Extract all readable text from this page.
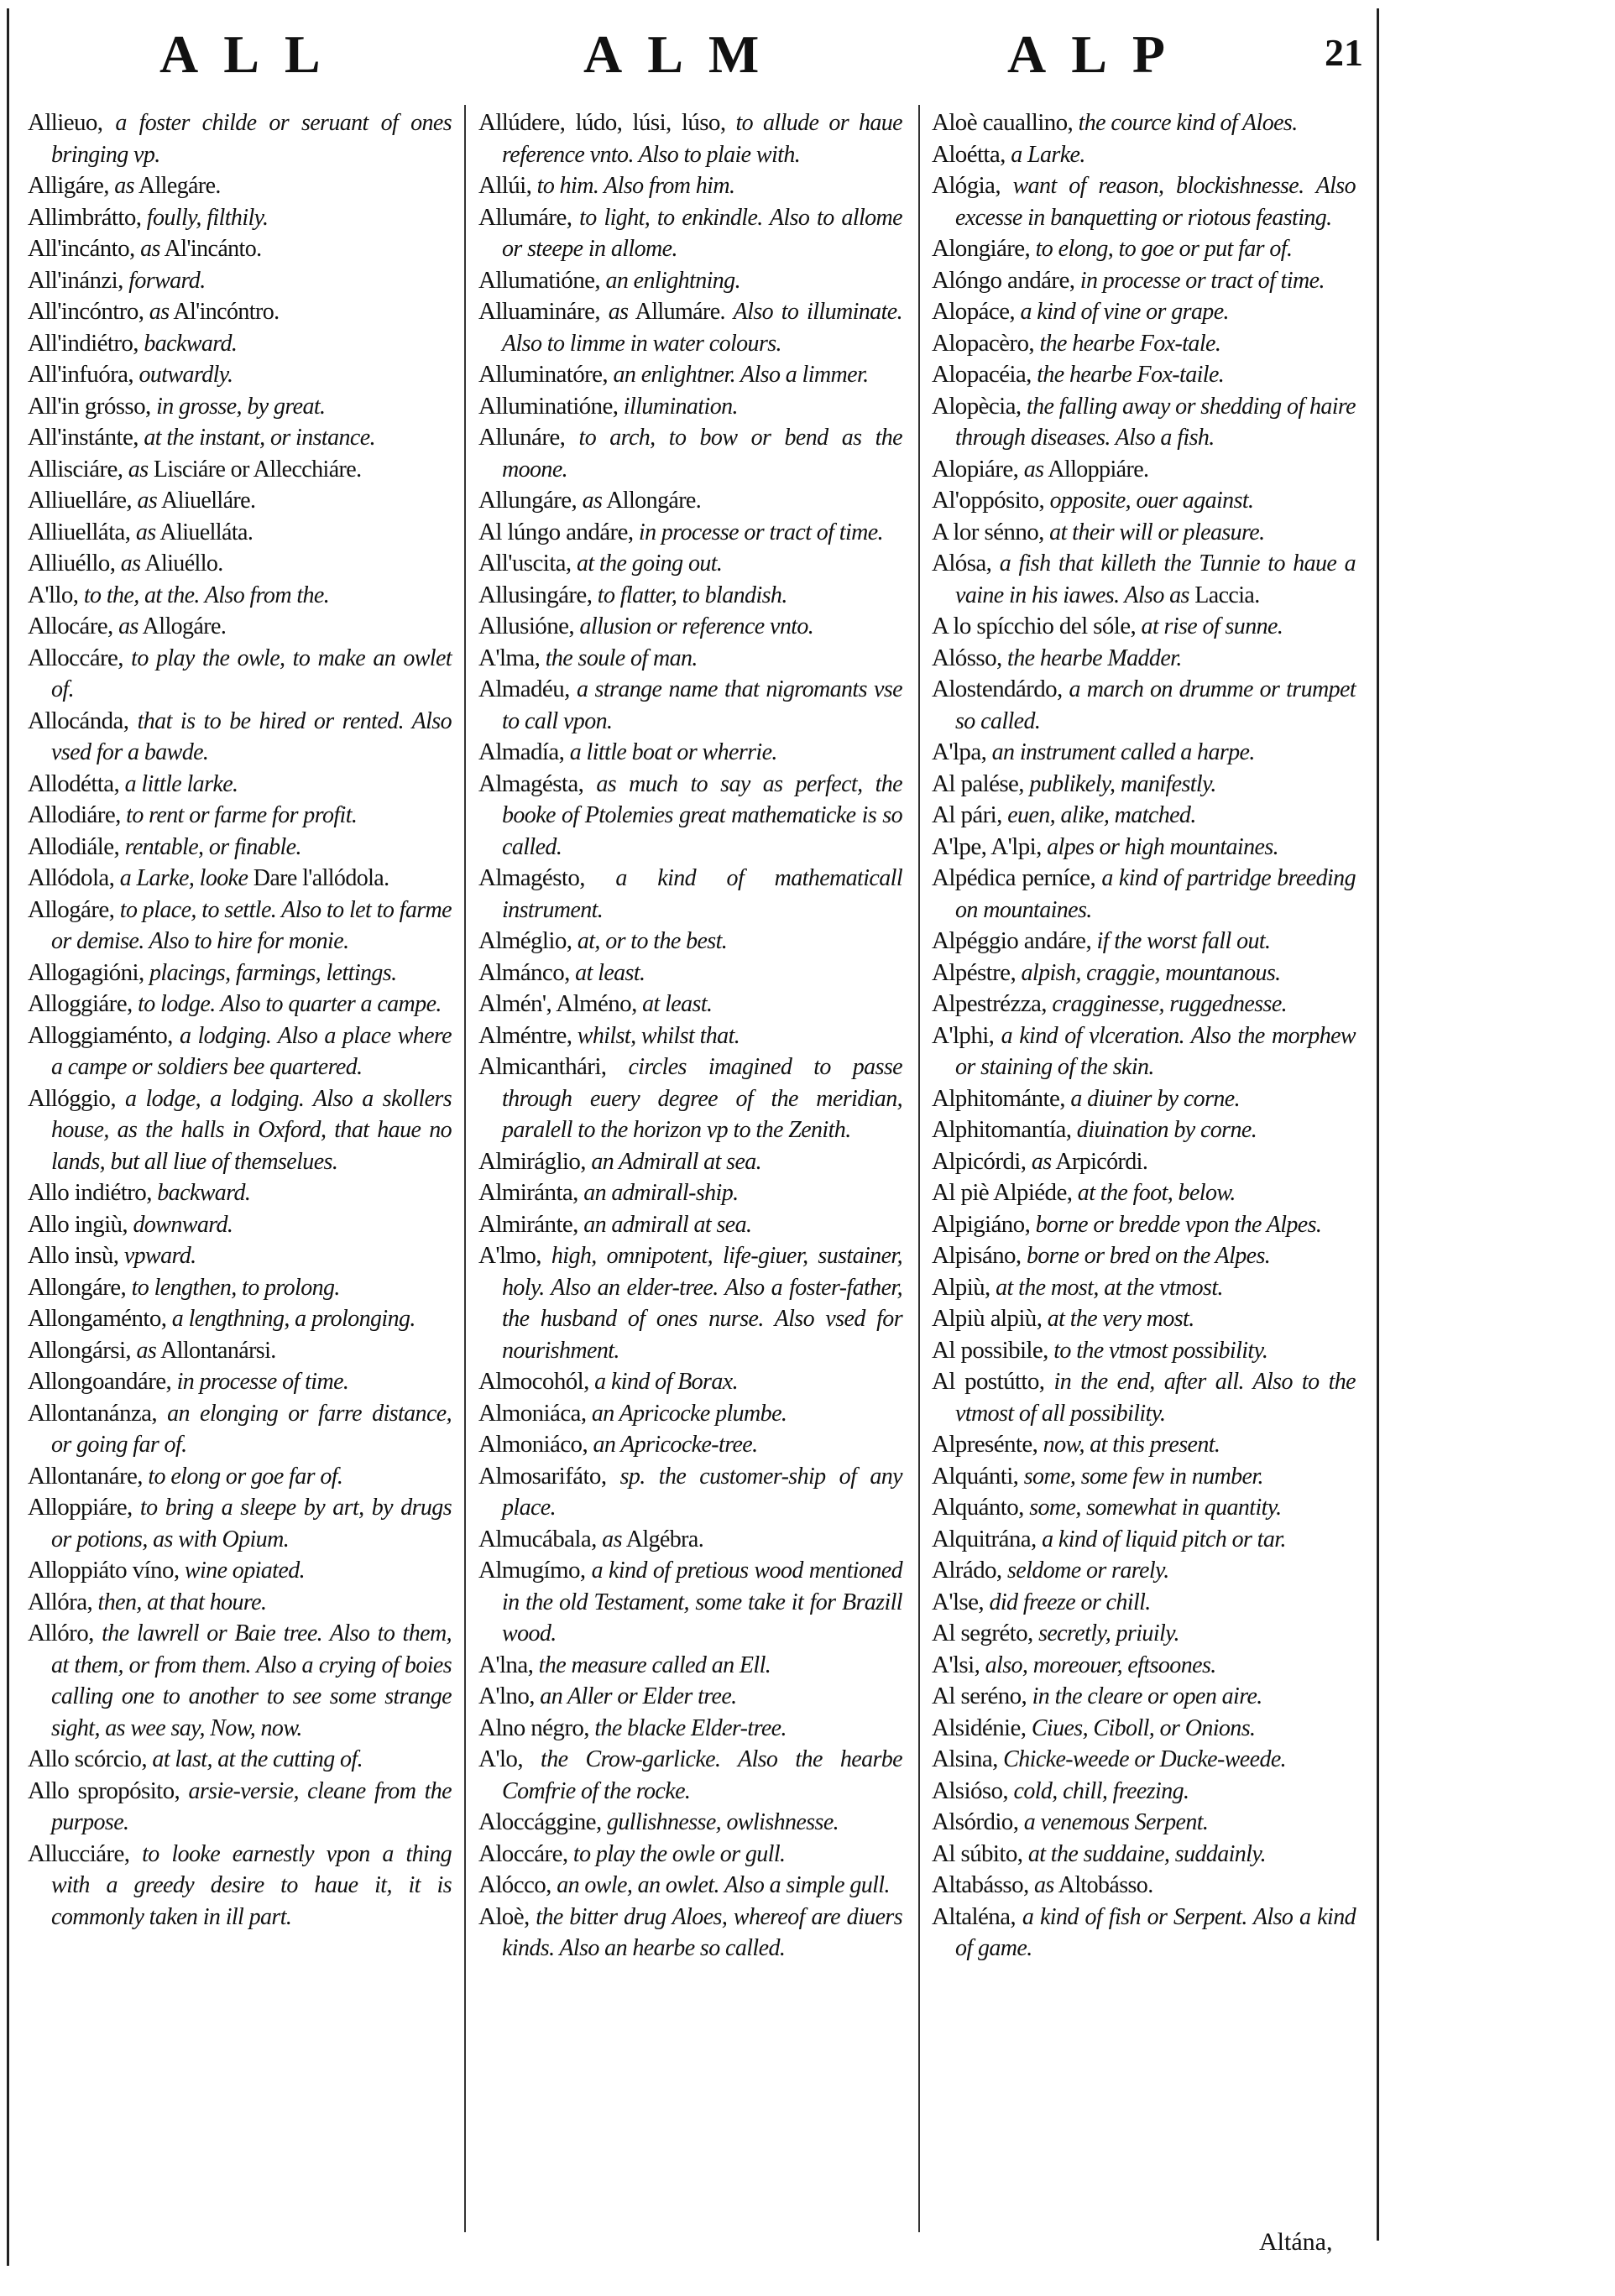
ALL	ALM	ALP	21
Allieuo, a foster childe or seruant of ones bringing vp.
Alligáre, as Allegáre.
Allimbrátto, foully, filthily.
All'incánto, as Al'incánto.
All'inánzi, forward.
All'incóntro, as Al'incóntro.
All'indiétro, backward.
All'infuóra, outwardly.
All'in grósso, in grosse, by great.
All'instánte, at the instant, or instance.
Allisciáre, as Lisciáre or Allecchiáre.
Alliuelláre, as Aliuelláre.
Alliuelláta, as Aliuelláta.
Alliuéllo, as Aliuéllo.
A'llo, to the, at the. Also from the.
Allocáre, as Allogáre.
Alloccáre, to play the owle, to make an owlet of.
Allocánda, that is to be hired or rented. Also vsed for a bawde.
Allodétta, a little larke.
Allodiáre, to rent or farme for profit.
Allodiále, rentable, or finable.
Allódola, a Larke, looke Dare l'allódola.
Allogáre, to place, to settle. Also to let to farme or demise. Also to hire for monie.
Allogagióni, placings, farmings, lettings.
Alloggiáre, to lodge. Also to quarter a campe.
Alloggiaménto, a lodging. Also a place where a campe or soldiers bee quartered.
Allóggio, a lodge, a lodging. Also a skollers house, as the halls in Oxford, that haue no lands, but all liue of themselues.
Allo indiétro, backward.
Allo ingiù, downward.
Allo insù, vpward.
Allongáre, to lengthen, to prolong.
Allongaménto, a lengthning, a prolonging.
Allongársi, as Allontanársi.
Allongoandáre, in processe of time.
Allontanánza, an elonging or farre distance, or going far of.
Allontanáre, to elong or goe far of.
Alloppiáre, to bring a sleepe by art, by drugs or potions, as with Opium.
Alloppiáto víno, wine opiated.
Allóra, then, at that houre.
Allóro, the lawrell or Baie tree. Also to them, at them, or from them. Also a crying of boies calling one to another to see some strange sight, as wee say, Now, now.
Allo scórcio, at last, at the cutting of.
Allo spropósito, arsie-versie, cleane from the purpose.
Allucciáre, to looke earnestly vpon a thing with a greedy desire to haue it, it is commonly taken in ill part.
Allúdere, lúdo, lúsi, lúso, to allude or haue reference vnto. Also to plaie with.
Allúi, to him. Also from him.
Allumáre, to light, to enkindle. Also to allome or steepe in allome.
Allumatióne, an enlightning.
Alluamináre, as Allumáre. Also to illuminate. Also to limme in water colours.
Alluminatóre, an enlightner. Also a limmer.
Alluminatióne, illumination.
Allunáre, to arch, to bow or bend as the moone.
Allungáre, as Allongáre.
Al lúngo andáre, in processe or tract of time.
All'uscita, at the going out.
Allusingáre, to flatter, to blandish.
Allusióne, allusion or reference vnto.
A'lma, the soule of man.
Almadéu, a strange name that nigromants vse to call vpon.
Almadía, a little boat or wherrie.
Almagésta, as much to say as perfect, the booke of Ptolemies great mathematicke is so called.
Almagésto, a kind of mathematicall instrument.
Alméglio, at, or to the best.
Almánco, at least.
Almén', Alméno, at least.
Alméntre, whilst, whilst that.
Almicanthári, circles imagined to passe through euery degree of the meridian, paralell to the horizon vp to the Zenith.
Almiráglio, an Admirall at sea.
Almiránta, an admirall-ship.
Almiránte, an admirall at sea.
A'lmo, high, omnipotent, life-giuer, sustainer, holy. Also an elder-tree. Also a foster-father, the husband of ones nurse. Also vsed for nourishment.
Almocohól, a kind of Borax.
Almoniáca, an Apricocke plumbe.
Almoniáco, an Apricocke-tree.
Almosarifáto, sp. the customer-ship of any place.
Almucábala, as Algébra.
Almugímo, a kind of pretious wood mentioned in the old Testament, some take it for Brazill wood.
A'lna, the measure called an Ell.
A'lno, an Aller or Elder tree.
Alno négro, the blacke Elder-tree.
A'lo, the Crow-garlicke. Also the hearbe Comfrie of the rocke.
Aloccággine, gullishnesse, owlishnesse.
Aloccáre, to play the owle or gull.
Alócco, an owle, an owlet. Also a simple gull.
Aloè, the bitter drug Aloes, whereof are diuers kinds. Also an hearbe so called.
Aloè cauallino, the cource kind of Aloes.
Aloétta, a Larke.
Alógia, want of reason, blockishnesse. Also excesse in banquetting or riotous feasting.
Alongiáre, to elong, to goe or put far of.
Alóngo andáre, in processe or tract of time.
Alopáce, a kind of vine or grape.
Alopacèro, the hearbe Fox-tale.
Alopacéia, the hearbe Fox-taile.
Alopècia, the falling away or shedding of haire through diseases. Also a fish.
Alopiáre, as Alloppiáre.
Al'oppósito, opposite, ouer against.
A lor sénno, at their will or pleasure.
Alósa, a fish that killeth the Tunnie to haue a vaine in his iawes. Also as Laccia.
A lo spícchio del sóle, at rise of sunne.
Alósso, the hearbe Madder.
Alostendárdo, a march on drumme or trumpet so called.
A'lpa, an instrument called a harpe.
Al palése, publikely, manifestly.
Al pári, euen, alike, matched.
A'lpe, A'lpi, alpes or high mountaines.
Alpédica perníce, a kind of partridge breeding on mountaines.
Alpéggio andáre, if the worst fall out.
Alpéstre, alpish, craggie, mountanous.
Alpestrézza, cragginesse, ruggednesse.
A'lphi, a kind of vlceration. Also the morphew or staining of the skin.
Alphitománte, a diuiner by corne.
Alphitomantía, diuination by corne.
Alpicórdi, as Arpicórdi.
Al piè Alpiéde, at the foot, below.
Alpigiáno, borne or bredde vpon the Alpes.
Alpisáno, borne or bred on the Alpes.
Alpiù, at the most, at the vtmost.
Alpiù alpiù, at the very most.
Al possibile, to the vtmost possibility.
Al postútto, in the end, after all. Also to the vtmost of all possibility.
Alpresénte, now, at this present.
Alquánti, some, some few in number.
Alquánto, some, somewhat in quantity.
Alquitrána, a kind of liquid pitch or tar.
Alrádo, seldome or rarely.
A'lse, did freeze or chill.
Al segréto, secretly, priuily.
A'lsi, also, moreouer, eftsoones.
Al seréno, in the cleare or open aire.
Alsidénie, Ciues, Ciboll, or Onions.
Alsina, Chicke-weede or Ducke-weede.
Alsióso, cold, chill, freezing.
Alsórdio, a venemous Serpent.
Al súbito, at the suddaine, suddainly.
Altabásso, as Altobásso.
Altaléna, a kind of fish or Serpent. Also a kind of game.
Altána,
